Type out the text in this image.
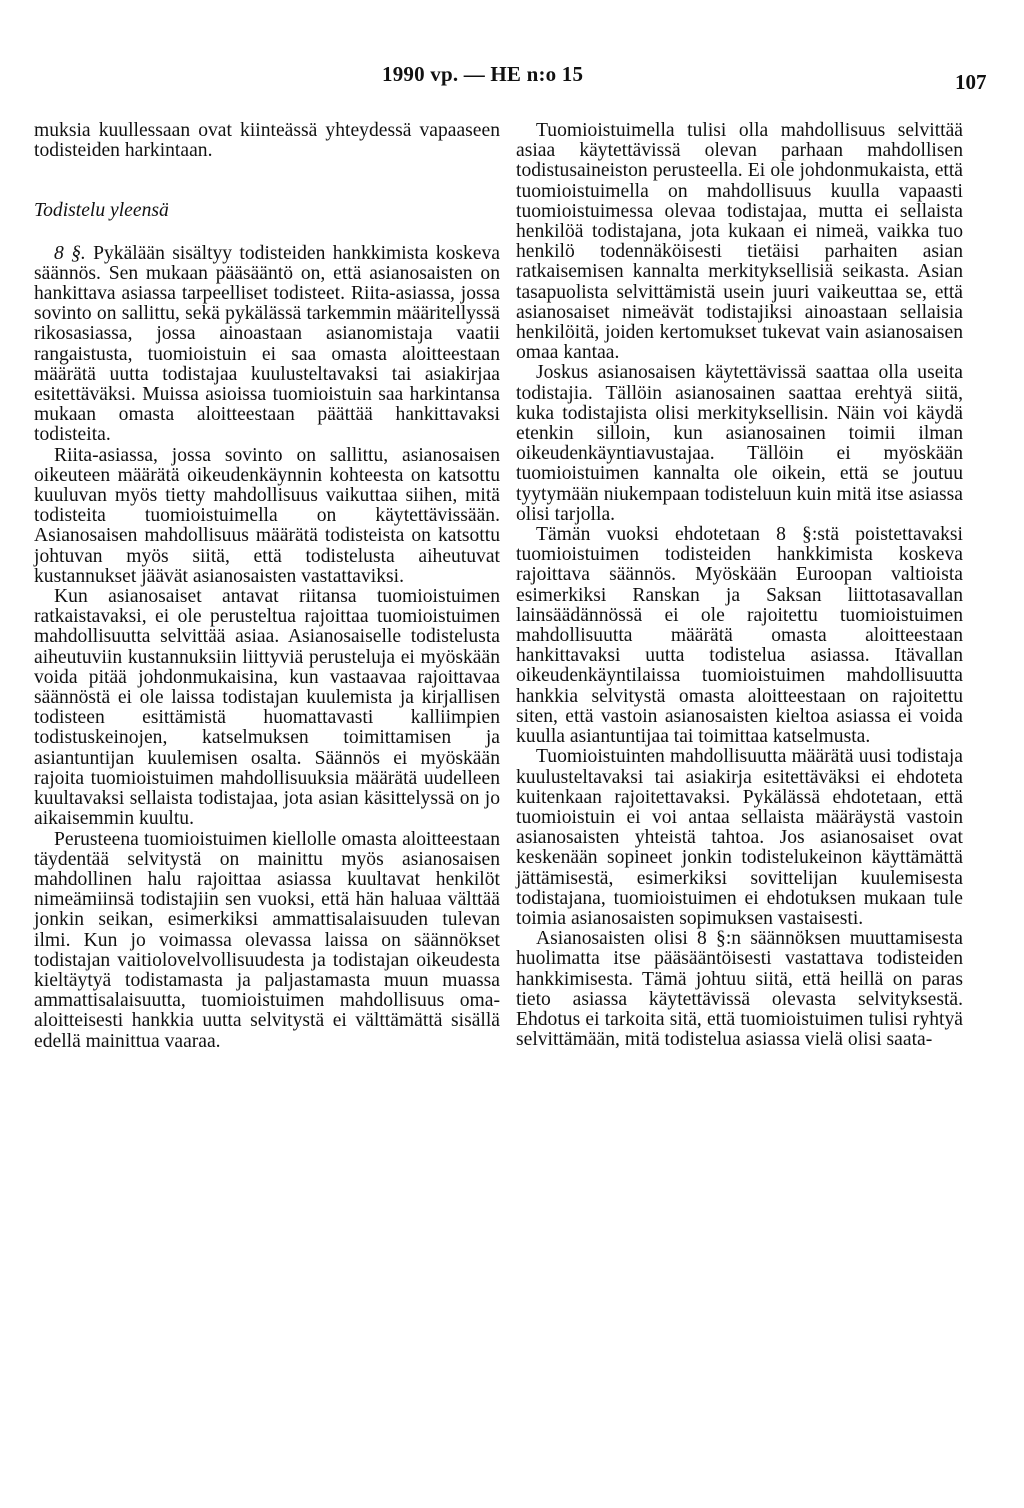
1990 vp. — HE n:o 15	107

muksia kuullessaan ovat kiinteässä yhteydessä vapaaseen todisteiden harkintaan.

Todistelu yleensä

8 §. Pykälään sisältyy todisteiden hankkimista koskeva säännös. Sen mukaan pääsääntö on, että asianosaisten on hankittava asiassa tarpeelliset todisteet. Riita-asiassa, jossa sovinto on sallittu, sekä pykälässä tarkemmin määritellyssä rikosasiassa, jossa ainoastaan asianomistaja vaatii rangaistusta, tuomioistuin ei saa omasta aloitteestaan määrätä uutta todistajaa kuulusteltavaksi tai asiakirjaa esitettäväksi. Muissa asioissa tuomioistuin saa harkintansa mukaan omasta aloitteestaan päättää hankittavaksi todisteita.

Riita-asiassa, jossa sovinto on sallittu, asianosaisen oikeuteen määrätä oikeudenkäynnin kohteesta on katsottu kuuluvan myös tietty mahdollisuus vaikuttaa siihen, mitä todisteita tuomioistuimella on käytettävissään. Asianosaisen mahdollisuus määrätä todisteista on katsottu johtuvan myös siitä, että todistelusta aiheutuvat kustannukset jäävät asianosaisten vastattaviksi.

Kun asianosaiset antavat riitansa tuomioistuimen ratkaistavaksi, ei ole perusteltua rajoittaa tuomioistuimen mahdollisuutta selvittää asiaa. Asianosaiselle todistelusta aiheutuviin kustannuksiin liittyviä perusteluja ei myöskään voida pitää johdonmukaisina, kun vastaavaa rajoittavaa säännöstä ei ole laissa todistajan kuulemista ja kirjallisen todisteen esittämistä huomattavasti kalliimpien todistuskeinojen, katselmuksen toimittamisen ja asiantuntijan kuulemisen osalta. Säännös ei myöskään rajoita tuomioistuimen mahdollisuuksia määrätä uudelleen kuultavaksi sellaista todistajaa, jota asian käsittelyssä on jo aikaisemmin kuultu.

Perusteena tuomioistuimen kiellolle omasta aloitteestaan täydentää selvitystä on mainittu myös asianosaisen mahdollinen halu rajoittaa asiassa kuultavat henkilöt nimeämiinsä todistajiin sen vuoksi, että hän haluaa välttää jonkin seikan, esimerkiksi ammattisalaisuuden tulevan ilmi. Kun jo voimassa olevassa laissa on säännökset todistajan vaitiolovelvollisuudesta ja todistajan oikeudesta kieltäytyä todistamasta ja paljastamasta muun muassa ammattisalaisuutta, tuomioistuimen mahdollisuus oma-aloitteisesti hankkia uutta selvitystä ei välttämättä sisällä edellä mainittua vaaraa.

Tuomioistuimella tulisi olla mahdollisuus selvittää asiaa käytettävissä olevan parhaan mahdollisen todistusaineiston perusteella. Ei ole johdonmukaista, että tuomioistuimella on mahdollisuus kuulla vapaasti tuomioistuimessa olevaa todistajaa, mutta ei sellaista henkilöä todistajana, jota kukaan ei nimeä, vaikka tuo henkilö todennäköisesti tietäisi parhaiten asian ratkaisemisen kannalta merkityksellisiä seikasta. Asian tasapuolista selvittämistä usein juuri vaikeuttaa se, että asianosaiset nimeävät todistajiksi ainoastaan sellaisia henkilöitä, joiden kertomukset tukevat vain asianosaisen omaa kantaa.

Joskus asianosaisen käytettävissä saattaa olla useita todistajia. Tällöin asianosainen saattaa erehtyä siitä, kuka todistajista olisi merkityksellisin. Näin voi käydä etenkin silloin, kun asianosainen toimii ilman oikeudenkäyntiavustajaa. Tällöin ei myöskään tuomioistuimen kannalta ole oikein, että se joutuu tyytymään niukempaan todisteluun kuin mitä itse asiassa olisi tarjolla.

Tämän vuoksi ehdotetaan 8 §:stä poistettavaksi tuomioistuimen todisteiden hankkimista koskeva rajoittava säännös. Myöskään Euroopan valtioista esimerkiksi Ranskan ja Saksan liittotasavallan lainsäädännössä ei ole rajoitettu tuomioistuimen mahdollisuutta määrätä omasta aloitteestaan hankittavaksi uutta todistelua asiassa. Itävallan oikeudenkäyntilaissa tuomioistuimen mahdollisuutta hankkia selvitystä omasta aloitteestaan on rajoitettu siten, että vastoin asianosaisten kieltoa asiassa ei voida kuulla asiantuntijaa tai toimittaa katselmusta.

Tuomioistuinten mahdollisuutta määrätä uusi todistaja kuulusteltavaksi tai asiakirja esitettäväksi ei ehdoteta kuitenkaan rajoitettavaksi. Pykälässä ehdotetaan, että tuomioistuin ei voi antaa sellaista määräystä vastoin asianosaisten yhteistä tahtoa. Jos asianosaiset ovat keskenään sopineet jonkin todistelukeinon käyttämättä jättämisestä, esimerkiksi sovittelijan kuulemisesta todistajana, tuomioistuimen ei ehdotuksen mukaan tule toimia asianosaisten sopimuksen vastaisesti.

Asianosaisten olisi 8 §:n säännöksen muuttamisesta huolimatta itse pääsääntöisesti vastattava todisteiden hankkimisesta. Tämä johtuu siitä, että heillä on paras tieto asiassa käytettävissä olevasta selvityksestä. Ehdotus ei tarkoita sitä, että tuomioistuimen tulisi ryhtyä selvittämään, mitä todistelua asiassa vielä olisi saata-
